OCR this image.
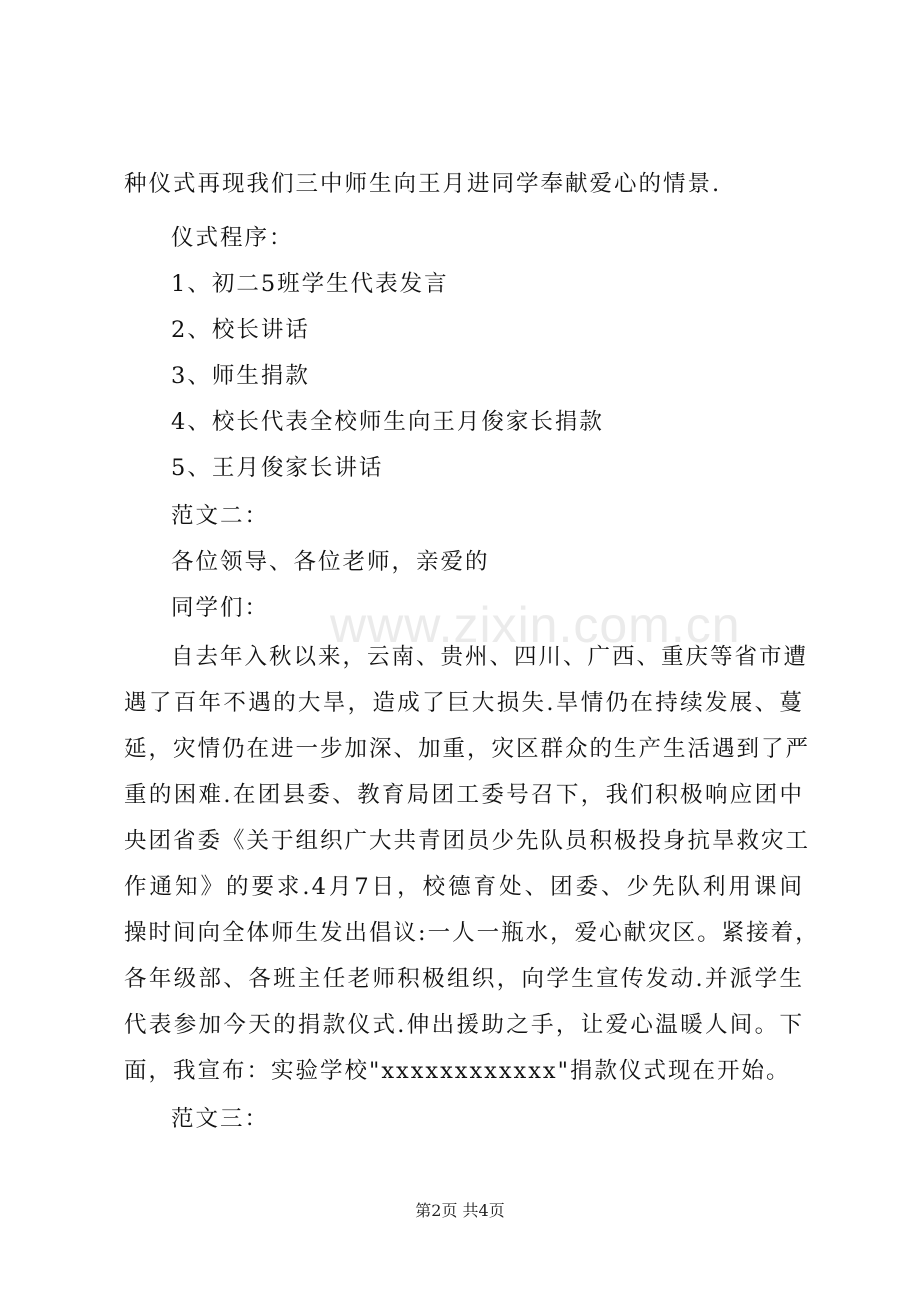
www.zixin.com.cn
种仪式再现我们三中师生向王月进同学奉献爱心的情景.
仪式程序：
1、初二5班学生代表发言
2、校长讲话
3、师生捐款
4、校长代表全校师生向王月俊家长捐款
5、王月俊家长讲话
范文二：
各位领导、各位老师，亲爱的
同学们：
自去年入秋以来，云南、贵州、四川、广西、重庆等省市遭
遇了百年不遇的大旱，造成了巨大损失.旱情仍在持续发展、蔓
延，灾情仍在进一步加深、加重，灾区群众的生产生活遇到了严
重的困难.在团县委、教育局团工委号召下，我们积极响应团中
央团省委《关于组织广大共青团员少先队员积极投身抗旱救灾工
作通知》的要求.4月7日，校德育处、团委、少先队利用课间
操时间向全体师生发出倡议:一人一瓶水，爱心献灾区。紧接着，
各年级部、各班主任老师积极组织，向学生宣传发动.并派学生
代表参加今天的捐款仪式.伸出援助之手，让爱心温暖人间。下
面，我宣布：实验学校"xxxxxxxxxxxx"捐款仪式现在开始。
范文三：
第2页 共4页
